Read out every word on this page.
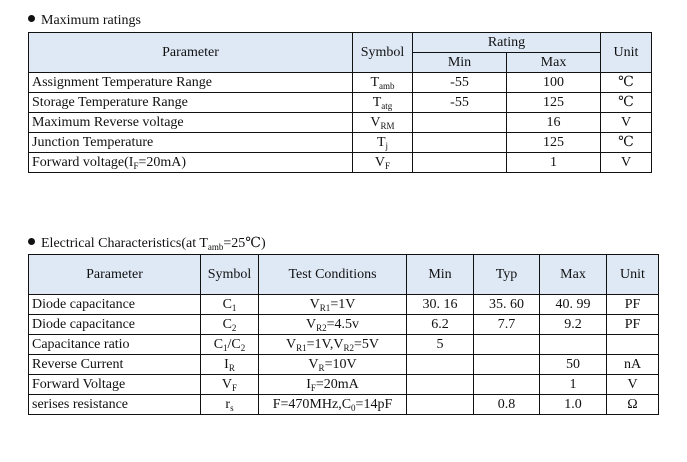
Maximum ratings
Parameter	Symbol	Rating		Unit
		Min	Max	
Assignment Temperature Range	$T_{amb}$	-55	100	℃
Storage Temperature Range	$T_{atg}$	-55	125	℃
Maximum Reverse voltage	$V_{RM}$		16	V
Junction Temperature	$T_j$		125	℃
Forward $voltage(I_F=20mA)$	$V_F$		1	V
Electrical Characteristics(at $T_{amb}=25℃$)
Parameter	Symbol	Test Conditions	Min	Typ	Max	Unit
Diode capacitance	$C_1$	$V_{R1}=1V$	30. 16	35. 60	40. 99	PF
Diode capacitance	$C_2$	$V_{R2}=4.5v$	6.2	7.7	9.2	PF
Capacitance ratio	$C_1/C_2$	$V_{R1}=1V,V_{R2}=5V$	5			
Reverse Current	$I_R$	$V_R=10V$			50	nA
Forward Voltage	$V_F$	$I_F=20mA$			1	V
serises resistance	$r_s$	$F=470MHz,C_0=14pF$		0.8	1.0	Ω
